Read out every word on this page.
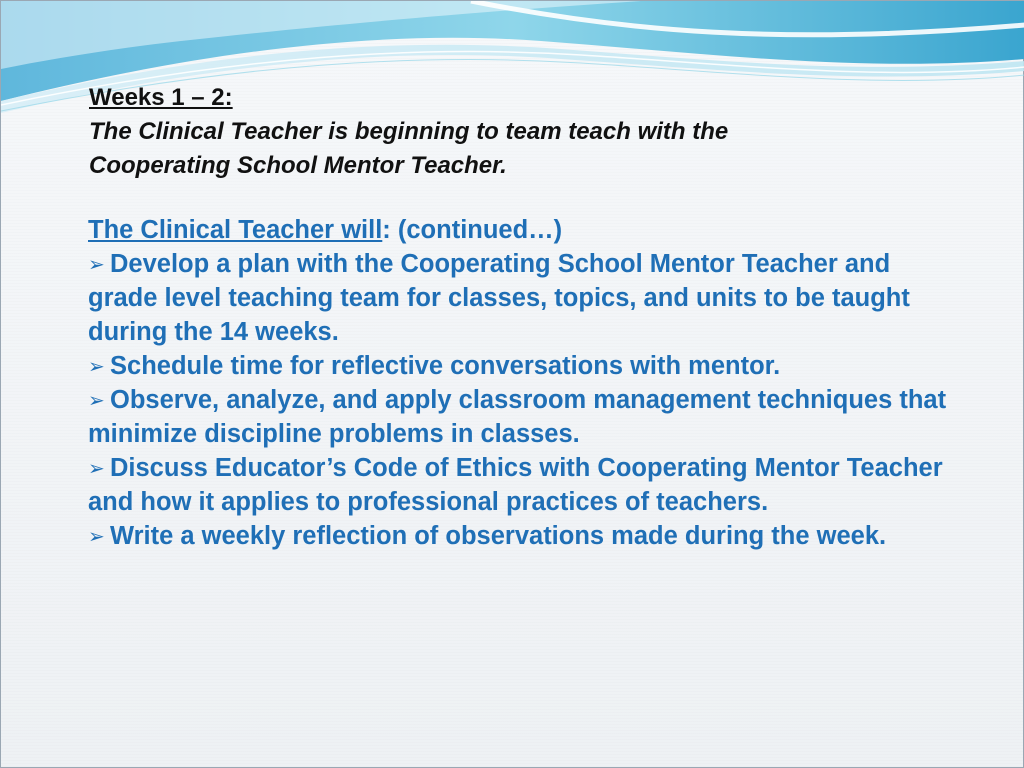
Weeks 1 – 2:
The Clinical Teacher is beginning to team teach with the
Cooperating School Mentor Teacher.
The Clinical Teacher will: (continued…)
➢ Develop a plan with the Cooperating School Mentor Teacher and grade level teaching team for classes, topics, and units to be taught during the 14 weeks.
➢ Schedule time for reflective conversations with mentor.
➢ Observe, analyze, and apply classroom management techniques that minimize discipline problems in classes.
➢ Discuss Educator’s Code of Ethics with Cooperating Mentor Teacher and how it applies to professional practices of teachers.
➢ Write a weekly reflection of observations made during the week.
